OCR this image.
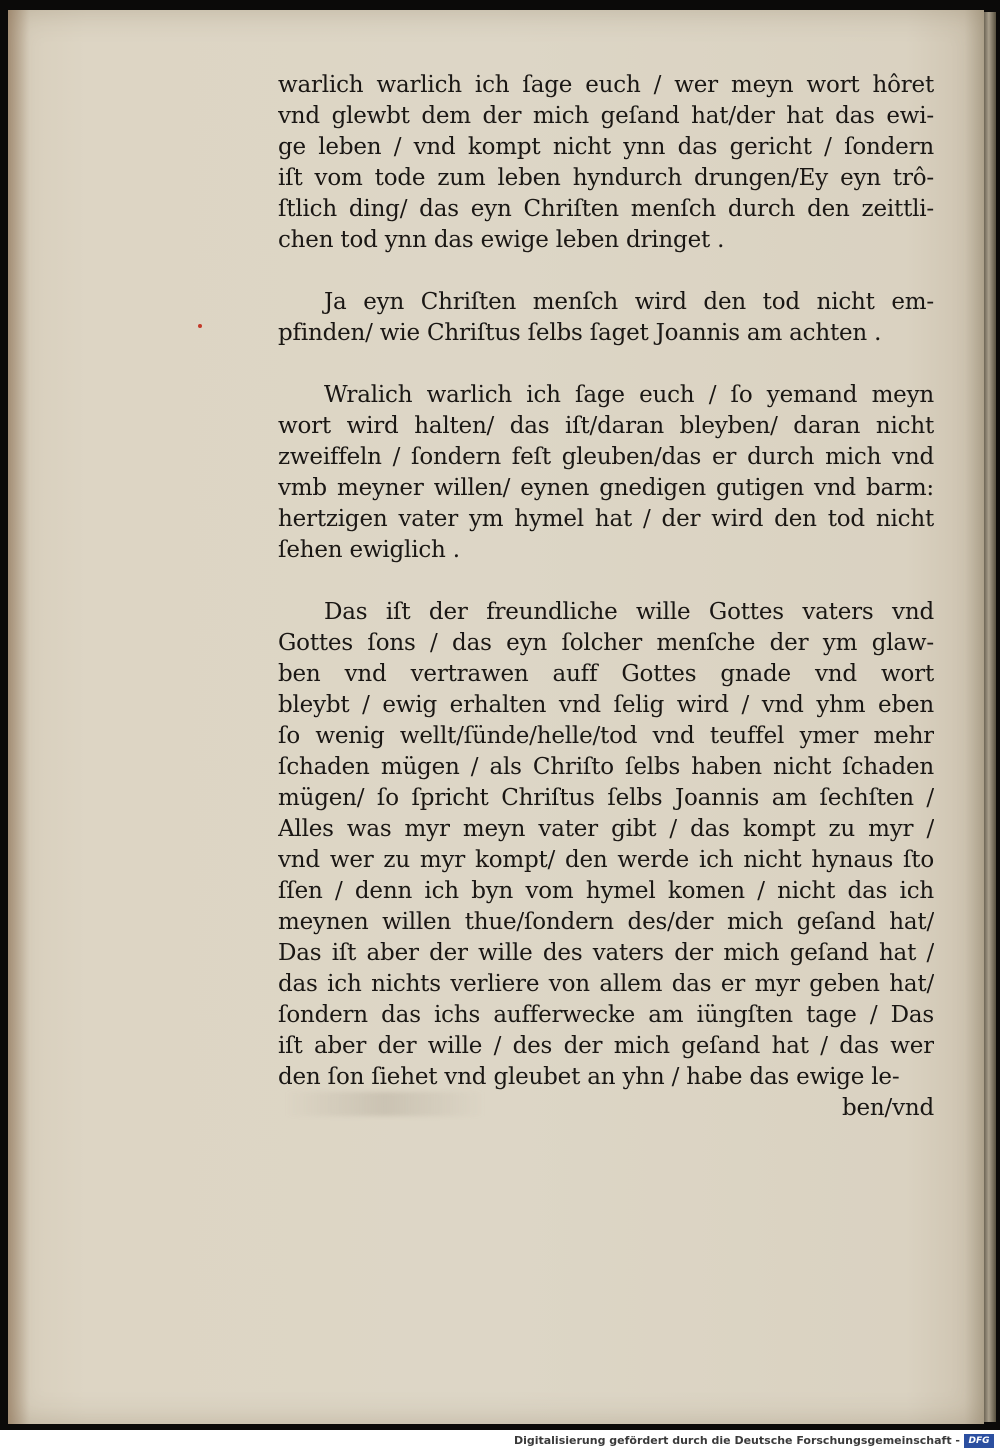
warlich warlich ich ſage euch / wer meyn wort hôret
vnd glewbt dem der mich geſand hat/der hat das ewi-
ge leben / vnd kompt nicht ynn das gericht / ſondern
iſt vom tode zum leben hyndurch drungen/Ey eyn trô-
ſtlich ding/ das eyn Chriſten menſch durch den zeittli-
chen tod ynn das ewige leben dringet .
Ja eyn Chriſten menſch wird den tod nicht em-
pfinden/ wie Chriſtus ſelbs ſaget Joannis am achten .
Wralich warlich ich ſage euch / ſo yemand meyn
wort wird halten/ das iſt/daran bleyben/ daran nicht
zweiffeln / ſondern feſt gleuben/das er durch mich vnd
vmb meyner willen/ eynen gnedigen gutigen vnd barm:
hertzigen vater ym hymel hat / der wird den tod nicht
ſehen ewiglich .
Das iſt der freundliche wille Gottes vaters vnd
Gottes ſons / das eyn ſolcher menſche der ym glaw-
ben vnd vertrawen auff Gottes gnade vnd wort
bleybt / ewig erhalten vnd ſelig wird / vnd yhm eben
ſo wenig wellt/ſünde/helle/tod vnd teuffel ymer mehr
ſchaden mügen / als Chriſto ſelbs haben nicht ſchaden
mügen/ ſo ſpricht Chriſtus ſelbs Joannis am ſechſten /
Alles was myr meyn vater gibt / das kompt zu myr /
vnd wer zu myr kompt/ den werde ich nicht hynaus ſto
ſſen / denn ich byn vom hymel komen / nicht das ich
meynen willen thue/ſondern des/der mich geſand hat/
Das iſt aber der wille des vaters der mich geſand hat /
das ich nichts verliere von allem das er myr geben hat/
ſondern das ichs aufferwecke am iüngſten tage / Das
iſt aber der wille / des der mich geſand hat / das wer
den ſon ſiehet vnd gleubet an yhn / habe das ewige le-
ben/vnd
Digitalisierung gefördert durch die Deutsche Forschungsgemeinschaft - DFG
